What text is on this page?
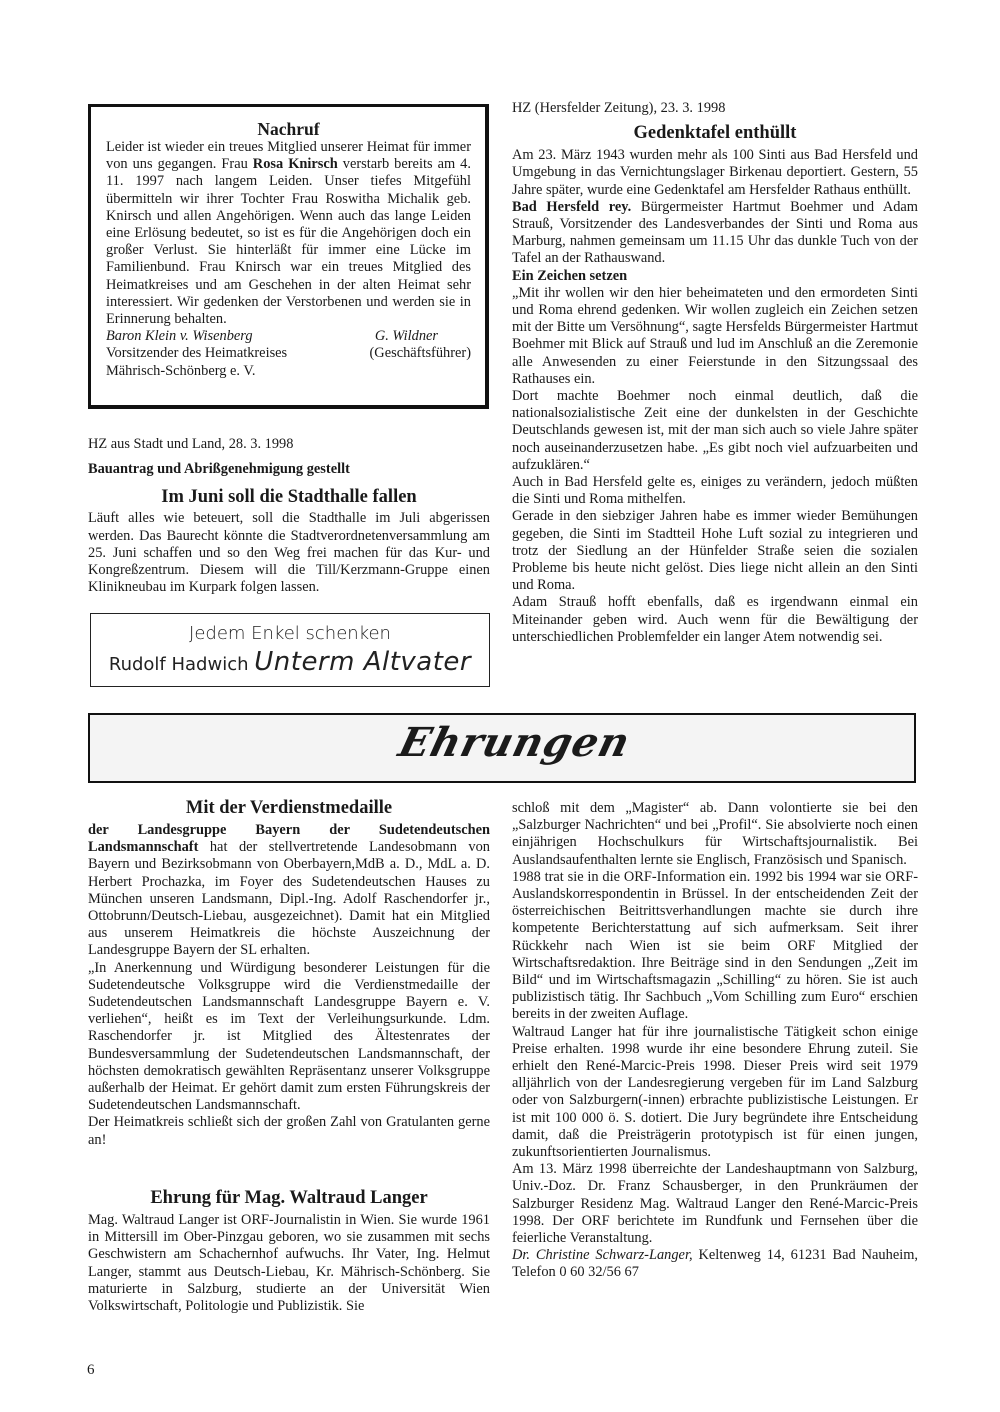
Nachruf

Leider ist wieder ein treues Mitglied unserer Heimat für immer von uns gegangen. Frau Rosa Knirsch verstarb bereits am 4. 11. 1997 nach langem Leiden. Unser tiefes Mitgefühl übermitteln wir ihrer Tochter Frau Roswitha Michalik geb. Knirsch und allen Angehörigen. Wenn auch das lange Leiden eine Erlösung bedeutet, so ist es für die Angehörigen doch ein großer Verlust. Sie hinterläßt für immer eine Lücke im Familienbund. Frau Knirsch war ein treues Mitglied des Heimatkreises und am Geschehen in der alten Heimat sehr interessiert. Wir gedenken der Verstorbenen und werden sie in Erinnerung behalten.

Baron Klein v. Wisenberg	G. Wildner
Vorsitzender des Heimatkreises	(Geschäftsführer)

Mährisch-Schönberg e. V.

HZ aus Stadt und Land, 28. 3. 1998

Bauantrag und Abrißgenehmigung gestellt

Im Juni soll die Stadthalle fallen

Läuft alles wie beteuert, soll die Stadthalle im Juli abgerissen werden. Das Baurecht könnte die Stadtverordnetenversammlung am 25. Juni schaffen und so den Weg frei machen für das Kur- und Kongreßzentrum. Diesem will die Till/Kerzmann-Gruppe einen Klinikneubau im Kurpark folgen lassen.

Jedem Enkel schenken
Rudolf Hadwich Unterm Altvater

HZ (Hersfelder Zeitung), 23. 3. 1998

Gedenktafel enthüllt

Am 23. März 1943 wurden mehr als 100 Sinti aus Bad Hersfeld und Umgebung in das Vernichtungslager Birkenau deportiert. Gestern, 55 Jahre später, wurde eine Gedenktafel am Hersfelder Rathaus enthüllt.

Bad Hersfeld rey. Bürgermeister Hartmut Boehmer und Adam Strauß, Vorsitzender des Landesverbandes der Sinti und Roma aus Marburg, nahmen gemeinsam um 11.15 Uhr das dunkle Tuch von der Tafel an der Rathauswand.

Ein Zeichen setzen

„Mit ihr wollen wir den hier beheimateten und den ermordeten Sinti und Roma ehrend gedenken. Wir wollen zugleich ein Zeichen setzen mit der Bitte um Versöhnung“, sagte Hersfelds Bürgermeister Hartmut Boehmer mit Blick auf Strauß und lud im Anschluß an die Zeremonie alle Anwesenden zu einer Feierstunde in den Sitzungssaal des Rathauses ein.

Dort machte Boehmer noch einmal deutlich, daß die nationalsozialistische Zeit eine der dunkelsten in der Geschichte Deutschlands gewesen ist, mit der man sich auch so viele Jahre später noch auseinanderzusetzen habe. „Es gibt noch viel aufzuarbeiten und aufzuklären.“

Auch in Bad Hersfeld gelte es, einiges zu verändern, jedoch müßten die Sinti und Roma mithelfen.

Gerade in den siebziger Jahren habe es immer wieder Bemühungen gegeben, die Sinti im Stadtteil Hohe Luft sozial zu integrieren und trotz der Siedlung an der Hünfelder Straße seien die sozialen Probleme bis heute nicht gelöst. Dies liege nicht allein an den Sinti und Roma.

Adam Strauß hofft ebenfalls, daß es irgendwann einmal ein Miteinander geben wird. Auch wenn für die Bewältigung der unterschiedlichen Problemfelder ein langer Atem notwendig sei.

Ehrungen

Mit der Verdienstmedaille

der Landesgruppe Bayern der Sudetendeutschen Landsmannschaft hat der stellvertretende Landesobmann von Bayern und Bezirksobmann von Oberbayern,MdB a. D., MdL a. D. Herbert Prochazka, im Foyer des Sudetendeutschen Hauses zu München unseren Landsmann, Dipl.-Ing. Adolf Raschendorfer jr., Ottobrunn/Deutsch-Liebau, ausgezeichnet). Damit hat ein Mitglied aus unserem Heimatkreis die höchste Auszeichnung der Landesgruppe Bayern der SL erhalten.

„In Anerkennung und Würdigung besonderer Leistungen für die Sudetendeutsche Volksgruppe wird die Verdienstmedaille der Sudetendeutschen Landsmannschaft Landesgruppe Bayern e. V. verliehen“, heißt es im Text der Verleihungsurkunde. Ldm. Raschendorfer jr. ist Mitglied des Ältestenrates der Bundesversammlung der Sudetendeutschen Landsmannschaft, der höchsten demokratisch gewählten Repräsentanz unserer Volksgruppe außerhalb der Heimat. Er gehört damit zum ersten Führungskreis der Sudetendeutschen Landsmannschaft.

Der Heimatkreis schließt sich der großen Zahl von Gratulanten gerne an!

Ehrung für Mag. Waltraud Langer

Mag. Waltraud Langer ist ORF-Journalistin in Wien. Sie wurde 1961 in Mittersill im Ober-Pinzgau geboren, wo sie zusammen mit sechs Geschwistern am Schachernhof aufwuchs. Ihr Vater, Ing. Helmut Langer, stammt aus Deutsch-Liebau, Kr. Mährisch-Schönberg. Sie maturierte in Salzburg, studierte an der Universität Wien Volkswirtschaft, Politologie und Publizistik. Sie

schloß mit dem „Magister“ ab. Dann volontierte sie bei den „Salzburger Nachrichten“ und bei „Profil“. Sie absolvierte noch einen einjährigen Hochschulkurs für Wirtschaftsjournalistik. Bei Auslandsaufenthalten lernte sie Englisch, Französisch und Spanisch.

1988 trat sie in die ORF-Information ein. 1992 bis 1994 war sie ORF-Auslandskorrespondentin in Brüssel. In der entscheidenden Zeit der österreichischen Beitrittsverhandlungen machte sie durch ihre kompetente Berichterstattung auf sich aufmerksam. Seit ihrer Rückkehr nach Wien ist sie beim ORF Mitglied der Wirtschaftsredaktion. Ihre Beiträge sind in den Sendungen „Zeit im Bild“ und im Wirtschaftsmagazin „Schilling“ zu hören. Sie ist auch publizistisch tätig. Ihr Sachbuch „Vom Schilling zum Euro“ erschien bereits in der zweiten Auflage.

Waltraud Langer hat für ihre journalistische Tätigkeit schon einige Preise erhalten. 1998 wurde ihr eine besondere Ehrung zuteil. Sie erhielt den René-Marcic-Preis 1998. Dieser Preis wird seit 1979 alljährlich von der Landesregierung vergeben für im Land Salzburg oder von Salzburgern(-innen) erbrachte publizistische Leistungen. Er ist mit 100 000 ö. S. dotiert. Die Jury begründete ihre Entscheidung damit, daß die Preisträgerin prototypisch ist für einen jungen, zukunftsorientierten Journalismus.

Am 13. März 1998 überreichte der Landeshauptmann von Salzburg, Univ.-Doz. Dr. Franz Schausberger, in den Prunkräumen der Salzburger Residenz Mag. Waltraud Langer den René-Marcic-Preis 1998. Der ORF berichtete im Rundfunk und Fernsehen über die feierliche Veranstaltung.

Dr. Christine Schwarz-Langer, Keltenweg 14, 61231 Bad Nauheim, Telefon 0 60 32/56 67

6
